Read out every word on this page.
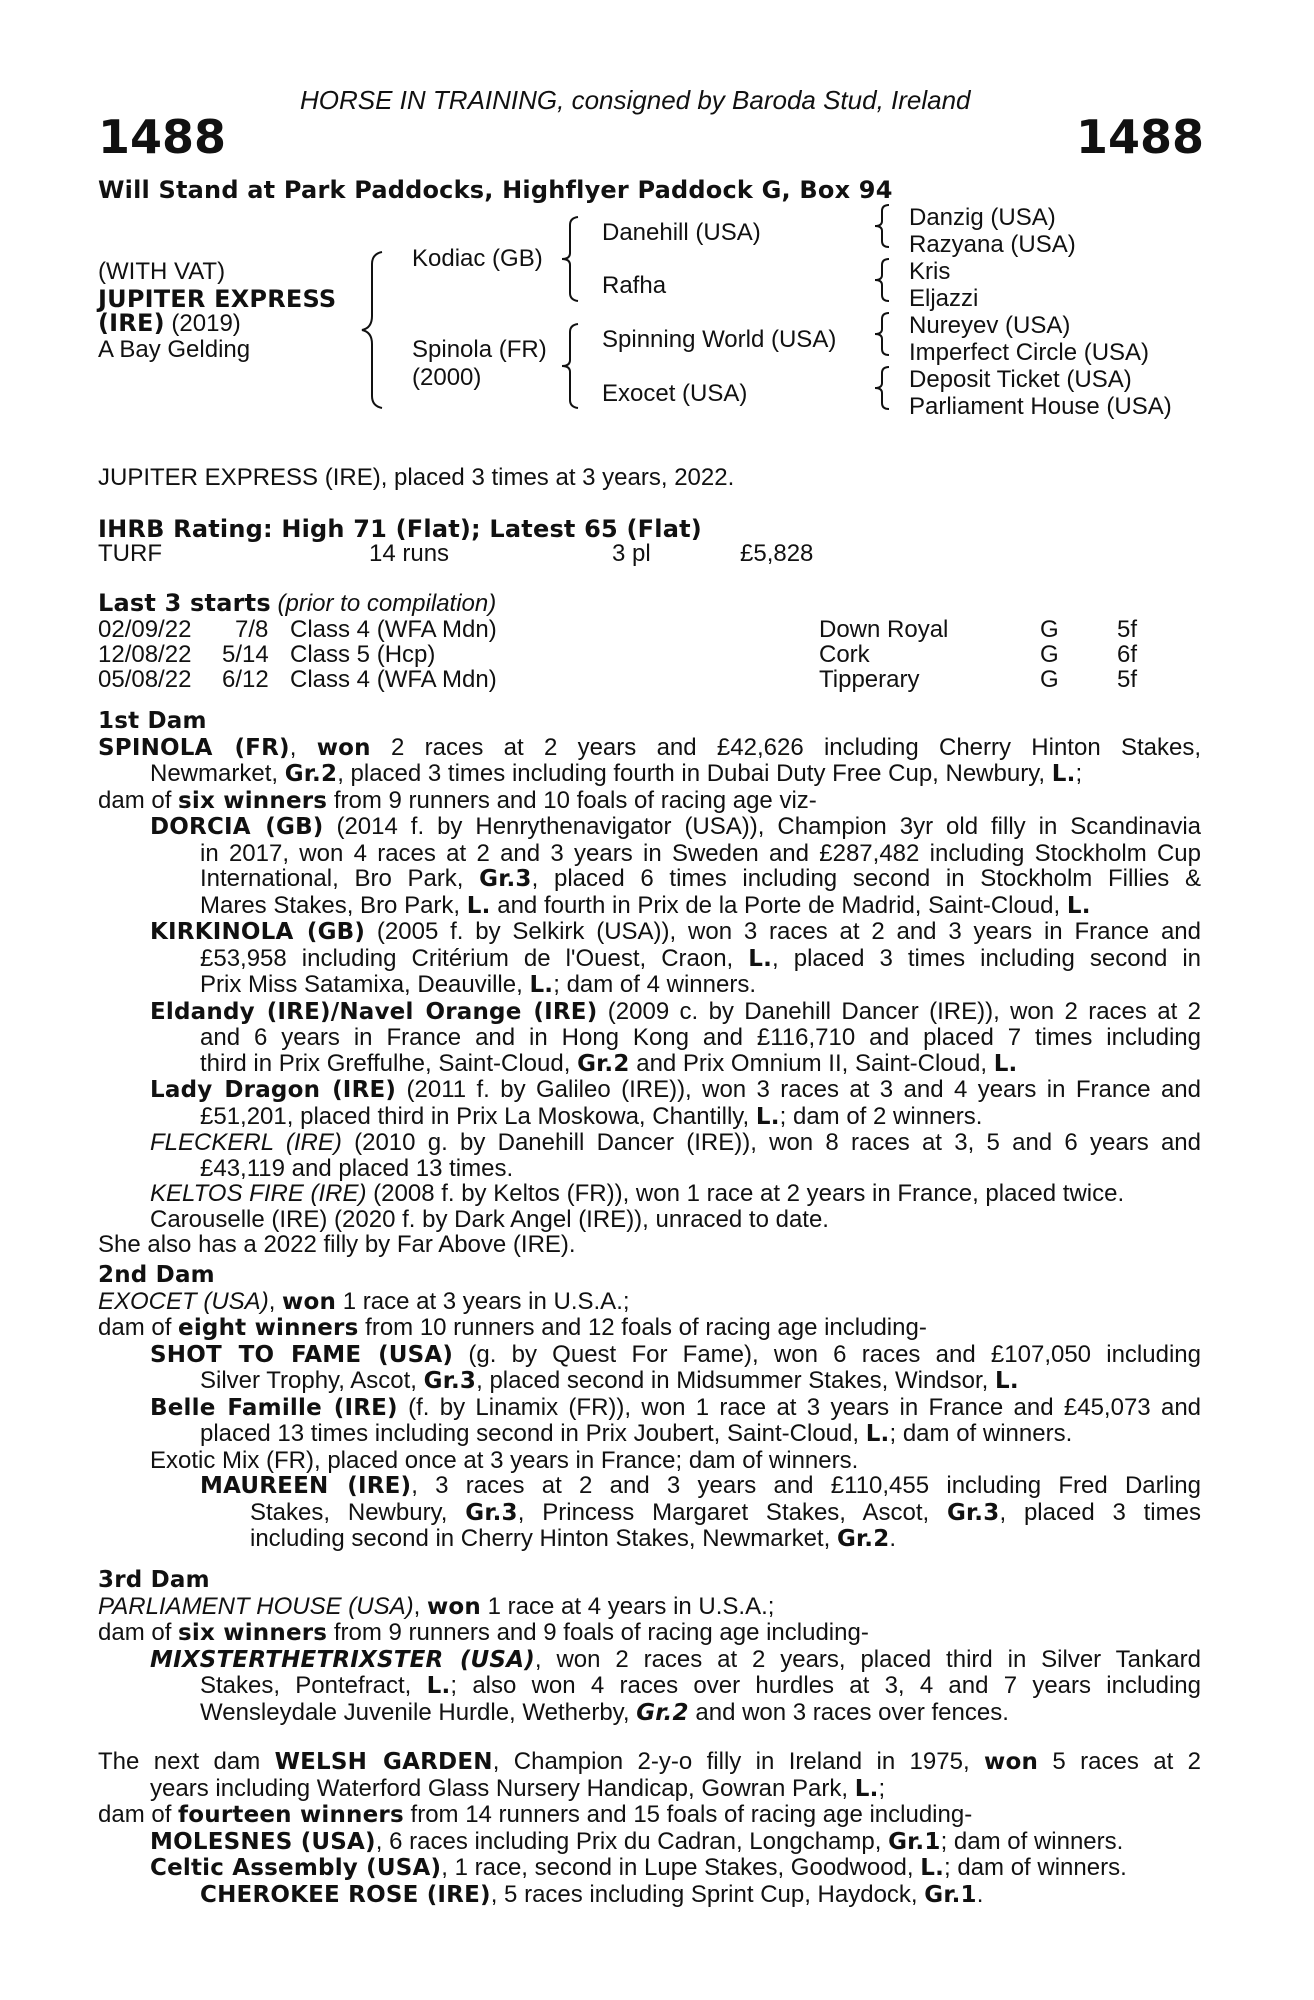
HORSE IN TRAINING, consigned by Baroda Stud, Ireland
1488	1488
Will Stand at Park Paddocks, Highflyer Paddock G, Box 94
(WITH VAT)
JUPITER EXPRESS
(IRE) (2019)
A Bay Gelding
Kodiac (GB)
Spinola (FR)
(2000)
Danehill (USA)
Rafha
Spinning World (USA)
Exocet (USA)
Danzig (USA)
Razyana (USA)
Kris
Eljazzi
Nureyev (USA)
Imperfect Circle (USA)
Deposit Ticket (USA)
Parliament House (USA)
JUPITER EXPRESS (IRE), placed 3 times at 3 years, 2022.
IHRB Rating: High 71 (Flat); Latest 65 (Flat)
TURF	14 runs	3 pl	£5,828
Last 3 starts (prior to compilation)
02/09/22 7/8 Class 4 (WFA Mdn)	Down Royal	G 5f
12/08/22 5/14 Class 5 (Hcp)	Cork	G 6f
05/08/22 6/12 Class 4 (WFA Mdn)	Tipperary	G 5f
1st Dam
SPINOLA (FR), won 2 races at 2 years and £42,626 including Cherry Hinton Stakes,
Newmarket, Gr.2, placed 3 times including fourth in Dubai Duty Free Cup, Newbury, L.;
dam of six winners from 9 runners and 10 foals of racing age viz-
DORCIA (GB) (2014 f. by Henrythenavigator (USA)), Champion 3yr old filly in Scandinavia
in 2017, won 4 races at 2 and 3 years in Sweden and £287,482 including Stockholm Cup
International, Bro Park, Gr.3, placed 6 times including second in Stockholm Fillies &
Mares Stakes, Bro Park, L. and fourth in Prix de la Porte de Madrid, Saint-Cloud, L.
KIRKINOLA (GB) (2005 f. by Selkirk (USA)), won 3 races at 2 and 3 years in France and
£53,958 including Critérium de l'Ouest, Craon, L., placed 3 times including second in
Prix Miss Satamixa, Deauville, L.; dam of 4 winners.
Eldandy (IRE)/Navel Orange (IRE) (2009 c. by Danehill Dancer (IRE)), won 2 races at 2
and 6 years in France and in Hong Kong and £116,710 and placed 7 times including
third in Prix Greffulhe, Saint-Cloud, Gr.2 and Prix Omnium II, Saint-Cloud, L.
Lady Dragon (IRE) (2011 f. by Galileo (IRE)), won 3 races at 3 and 4 years in France and
£51,201, placed third in Prix La Moskowa, Chantilly, L.; dam of 2 winners.
FLECKERL (IRE) (2010 g. by Danehill Dancer (IRE)), won 8 races at 3, 5 and 6 years and
£43,119 and placed 13 times.
KELTOS FIRE (IRE) (2008 f. by Keltos (FR)), won 1 race at 2 years in France, placed twice.
Carouselle (IRE) (2020 f. by Dark Angel (IRE)), unraced to date.
She also has a 2022 filly by Far Above (IRE).
2nd Dam
EXOCET (USA), won 1 race at 3 years in U.S.A.;
dam of eight winners from 10 runners and 12 foals of racing age including-
SHOT TO FAME (USA) (g. by Quest For Fame), won 6 races and £107,050 including
Silver Trophy, Ascot, Gr.3, placed second in Midsummer Stakes, Windsor, L.
Belle Famille (IRE) (f. by Linamix (FR)), won 1 race at 3 years in France and £45,073 and
placed 13 times including second in Prix Joubert, Saint-Cloud, L.; dam of winners.
Exotic Mix (FR), placed once at 3 years in France; dam of winners.
MAUREEN (IRE), 3 races at 2 and 3 years and £110,455 including Fred Darling
Stakes, Newbury, Gr.3, Princess Margaret Stakes, Ascot, Gr.3, placed 3 times
including second in Cherry Hinton Stakes, Newmarket, Gr.2.
3rd Dam
PARLIAMENT HOUSE (USA), won 1 race at 4 years in U.S.A.;
dam of six winners from 9 runners and 9 foals of racing age including-
MIXSTERTHETRIXSTER (USA), won 2 races at 2 years, placed third in Silver Tankard
Stakes, Pontefract, L.; also won 4 races over hurdles at 3, 4 and 7 years including
Wensleydale Juvenile Hurdle, Wetherby, Gr.2 and won 3 races over fences.
The next dam WELSH GARDEN, Champion 2-y-o filly in Ireland in 1975, won 5 races at 2
years including Waterford Glass Nursery Handicap, Gowran Park, L.;
dam of fourteen winners from 14 runners and 15 foals of racing age including-
MOLESNES (USA), 6 races including Prix du Cadran, Longchamp, Gr.1; dam of winners.
Celtic Assembly (USA), 1 race, second in Lupe Stakes, Goodwood, L.; dam of winners.
CHEROKEE ROSE (IRE), 5 races including Sprint Cup, Haydock, Gr.1.
